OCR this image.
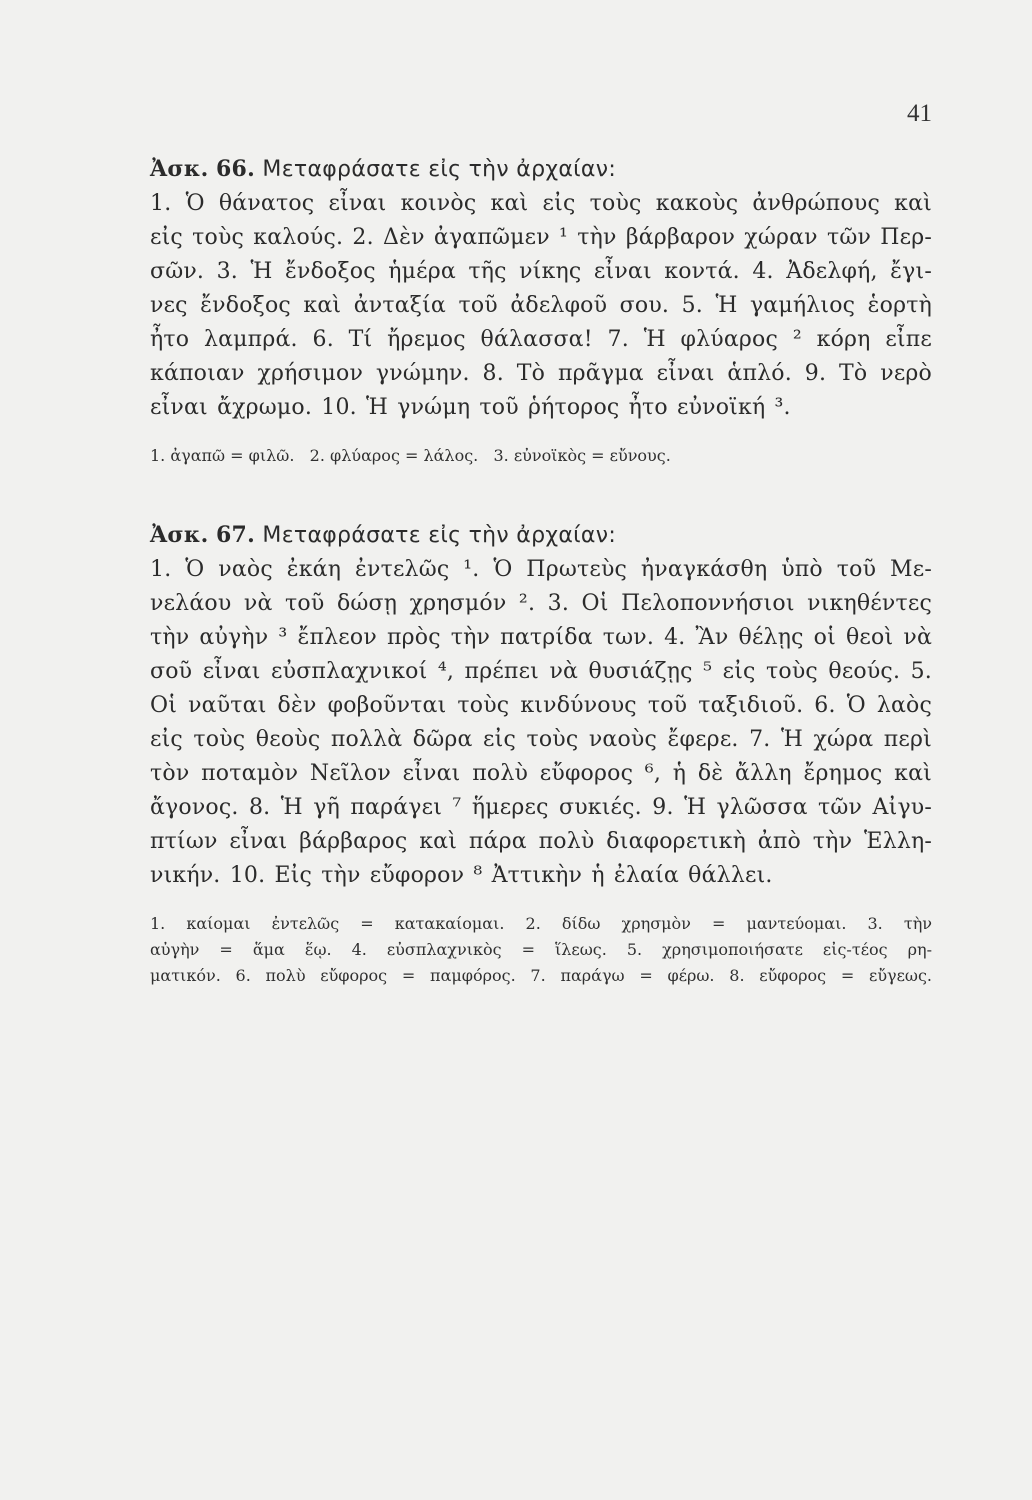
41

Ἀσκ. 66. Μεταφράσατε εἰς τὴν ἀρχαίαν:

1. Ὁ θάνατος εἶναι κοινὸς καὶ εἰς τοὺς κακοὺς ἀνθρώπους καὶ
εἰς τοὺς καλούς. 2. Δὲν ἀγαπῶμεν ¹ τὴν βάρβαρον χώραν τῶν Περ-
σῶν. 3. Ἡ ἔνδοξος ἡμέρα τῆς νίκης εἶναι κοντά. 4. Ἀδελφή, ἔγι-
νες ἔνδοξος καὶ ἀνταξία τοῦ ἀδελφοῦ σου. 5. Ἡ γαμήλιος ἑορτὴ
ἦτο λαμπρά. 6. Τί ἤρεμος θάλασσα! 7. Ἡ φλύαρος ² κόρη εἶπε
κάποιαν χρήσιμον γνώμην. 8. Τὸ πρᾶγμα εἶναι ἁπλό. 9. Τὸ νερὸ
εἶναι ἄχρωμο. 10. Ἡ γνώμη τοῦ ῥήτορος ἦτο εὐνοϊκή ³.
1. ἀγαπῶ = φιλῶ.   2. φλύαρος = λάλος.   3. εὐνοϊκὸς = εὔνους.

Ἀσκ. 67. Μεταφράσατε εἰς τὴν ἀρχαίαν:

1. Ὁ ναὸς ἐκάη ἐντελῶς ¹. Ὁ Πρωτεὺς ἠναγκάσθη ὑπὸ τοῦ Με-
νελάου νὰ τοῦ δώσῃ χρησμόν ². 3. Οἱ Πελοποννήσιοι νικηθέντες
τὴν αὐγὴν ³ ἔπλεον πρὸς τὴν πατρίδα των. 4. Ἂν θέλῃς οἱ θεοὶ νὰ
σοῦ εἶναι εὐσπλαχνικοί ⁴, πρέπει νὰ θυσιάζῃς ⁵ εἰς τοὺς θεούς. 5.
Οἱ ναῦται δὲν φοβοῦνται τοὺς κινδύνους τοῦ ταξιδιοῦ. 6. Ὁ λαὸς
εἰς τοὺς θεοὺς πολλὰ δῶρα εἰς τοὺς ναοὺς ἔφερε. 7. Ἡ χώρα περὶ
τὸν ποταμὸν Νεῖλον εἶναι πολὺ εὔφορος ⁶, ἡ δὲ ἄλλη ἔρημος καὶ
ἄγονος. 8. Ἡ γῆ παράγει ⁷ ἥμερες συκιές. 9. Ἡ γλῶσσα τῶν Αἰγυ-
πτίων εἶναι βάρβαρος καὶ πάρα πολὺ διαφορετικὴ ἀπὸ τὴν Ἑλλη-
νικήν. 10. Εἰς τὴν εὔφορον ⁸ Ἀττικὴν ἡ ἐλαία θάλλει.
1. καίομαι ἐντελῶς = κατακαίομαι. 2. δίδω χρησμὸν = μαντεύομαι. 3. τὴν
αὐγὴν = ἅμα ἕῳ. 4. εὐσπλαχνικὸς = ἵλεως. 5. χρησιμοποιήσατε εἰς-τέος ρη-
ματικόν. 6. πολὺ εὔφορος = παμφόρος. 7. παράγω = φέρω. 8. εὔφορος = εὔγεως.
